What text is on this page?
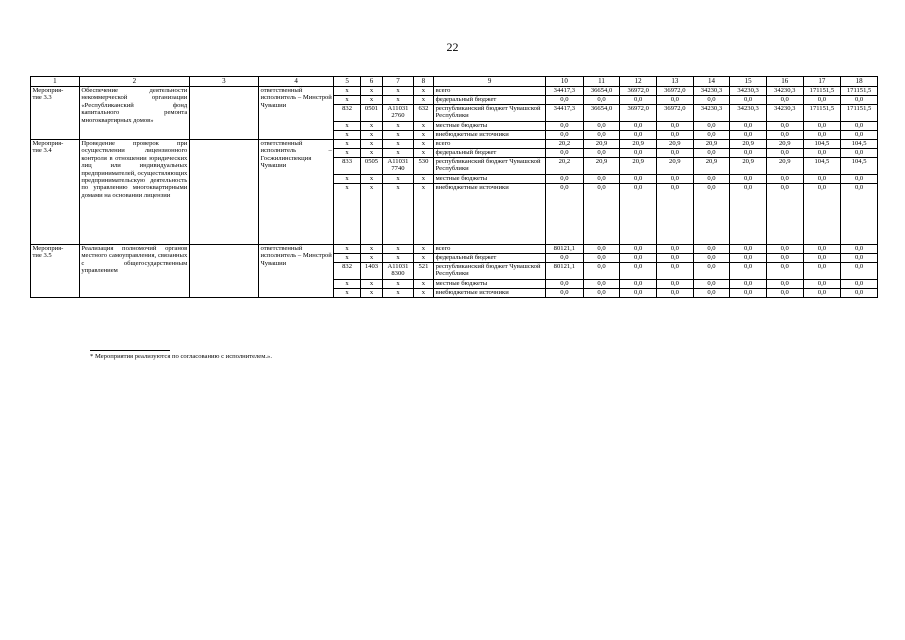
22
1	2	3	4	5	6	7	8	9	10	11	12	13	14	15	16	17	18
Мероприя-
тие 3.3	Обеспечение деятельности некоммерческой организации «Республиканский фонд капитального ремонта многоквартирных домов»		ответственный исполнитель – Минстрой Чувашии	x	x	x	x	всего	34417,3	36654,0	36972,0	36972,0	34230,3	34230,3	34230,3	171151,5	171151,5
				x	x	x	x	федеральный бюджет	0,0	0,0	0,0	0,0	0,0	0,0	0,0	0,0	0,0
				832	0501	А11031 2760	632	республиканский бюджет Чувашской Республики	34417,3	36654,0	36972,0	36972,0	34230,3	34230,3	34230,3	171151,5	171151,5
				x	x	x	x	местные бюджеты	0,0	0,0	0,0	0,0	0,0	0,0	0,0	0,0	0,0
				x	x	x	x	внебюджетные источники	0,0	0,0	0,0	0,0	0,0	0,0	0,0	0,0	0,0
Мероприя-
тие 3.4	Проведение проверок при осуществлении лицензионного контроля в отношении юридических лиц или индивидуальных предпринимателей, осуществляющих предпринимательскую деятельность по управлению многоквартирными домами на основании лицензии		ответственный исполнитель – Госжилинспекция Чувашии	x	x	x	x	всего	20,2	20,9	20,9	20,9	20,9	20,9	20,9	104,5	104,5
				x	x	x	x	федеральный бюджет	0,0	0,0	0,0	0,0	0,0	0,0	0,0	0,0	0,0
				833	0505	А11031 7740	530	республиканский бюджет Чувашской Республики	20,2	20,9	20,9	20,9	20,9	20,9	20,9	104,5	104,5
				x	x	x	x	местные бюджеты	0,0	0,0	0,0	0,0	0,0	0,0	0,0	0,0	0,0
				x	x	x	x	внебюджетные источники	0,0	0,0	0,0	0,0	0,0	0,0	0,0	0,0	0,0
Мероприя-
тие 3.5	Реализация полномочий органов местного самоуправления, связанных с общегосударственным управлением		ответственный исполнитель – Минстрой Чувашии	x	x	x	x	всего	80121,1	0,0	0,0	0,0	0,0	0,0	0,0	0,0	0,0
				x	x	x	x	федеральный бюджет	0,0	0,0	0,0	0,0	0,0	0,0	0,0	0,0	0,0
				832	1403	А11031 8300	521	республиканский бюджет Чувашской Республики	80121,1	0,0	0,0	0,0	0,0	0,0	0,0	0,0	0,0
				x	x	x	x	местные бюджеты	0,0	0,0	0,0	0,0	0,0	0,0	0,0	0,0	0,0
				x	x	x	x	внебюджетные источники	0,0	0,0	0,0	0,0	0,0	0,0	0,0	0,0	0,0
* Мероприятия реализуются по согласованию с исполнителем.».
